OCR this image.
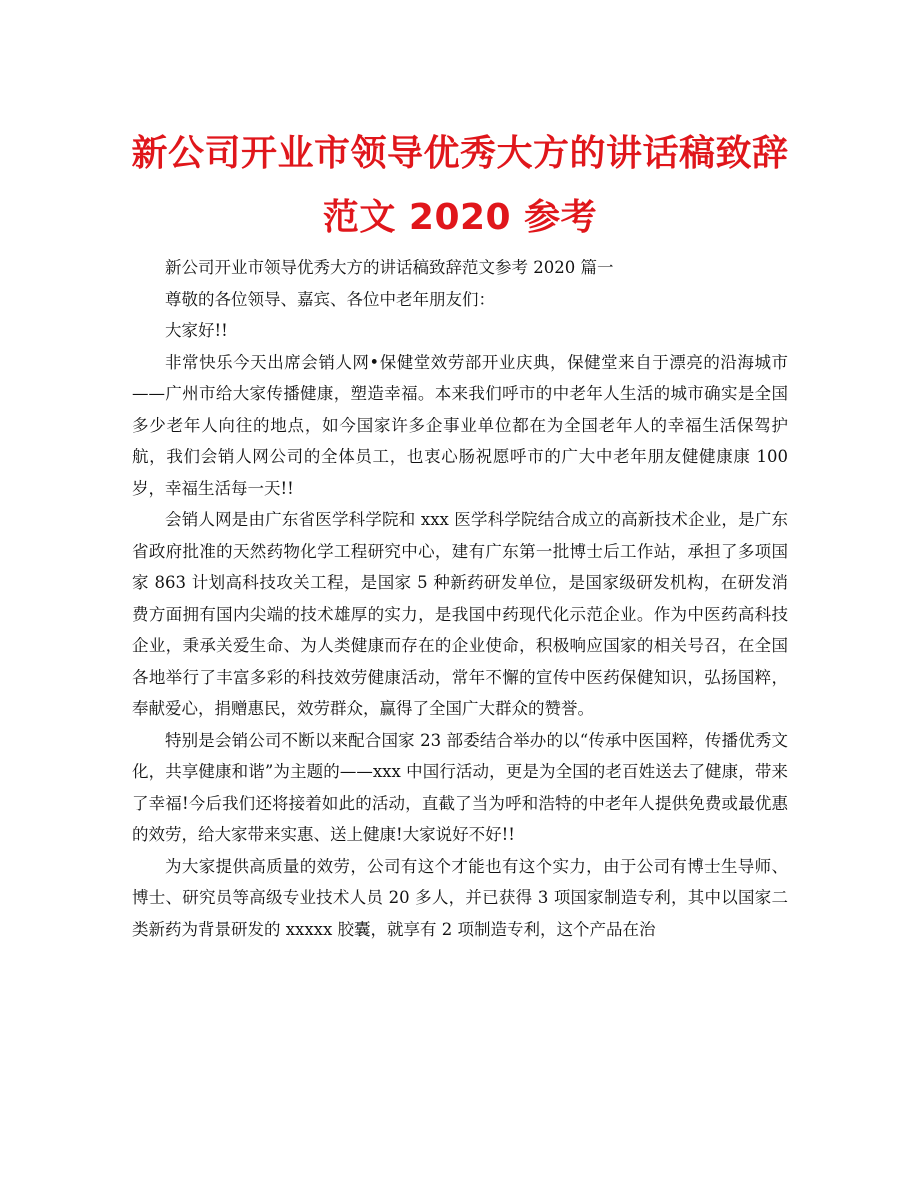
新公司开业市领导优秀大方的讲话稿致辞
范文 2020 参考

新公司开业市领导优秀大方的讲话稿致辞范文参考 2020 篇一

尊敬的各位领导、嘉宾、各位中老年朋友们：

大家好!!

非常快乐今天出席会销人网•保健堂效劳部开业庆典，保健堂来自于漂亮的沿海城市——广州市给大家传播健康，塑造幸福。本来我们呼市的中老年人生活的城市确实是全国多少老年人向往的地点，如今国家许多企事业单位都在为全国老年人的幸福生活保驾护航，我们会销人网公司的全体员工，也衷心肠祝愿呼市的广大中老年朋友健健康康 100 岁，幸福生活每一天!!

会销人网是由广东省医学科学院和 xxx 医学科学院结合成立的高新技术企业，是广东省政府批准的天然药物化学工程研究中心，建有广东第一批博士后工作站，承担了多项国家 863 计划高科技攻关工程，是国家 5 种新药研发单位，是国家级研发机构，在研发消费方面拥有国内尖端的技术雄厚的实力，是我国中药现代化示范企业。作为中医药高科技企业，秉承关爱生命、为人类健康而存在的企业使命，积极响应国家的相关号召，在全国各地举行了丰富多彩的科技效劳健康活动，常年不懈的宣传中医药保健知识，弘扬国粹，奉献爱心，捐赠惠民，效劳群众，赢得了全国广大群众的赞誉。

特别是会销公司不断以来配合国家 23 部委结合举办的以“传承中医国粹，传播优秀文化，共享健康和谐”为主题的——xxx 中国行活动，更是为全国的老百姓送去了健康，带来了幸福!今后我们还将接着如此的活动，直截了当为呼和浩特的中老年人提供免费或最优惠的效劳，给大家带来实惠、送上健康!大家说好不好!!

为大家提供高质量的效劳，公司有这个才能也有这个实力，由于公司有博士生导师、博士、研究员等高级专业技术人员 20 多人，并已获得 3 项国家制造专利，其中以国家二类新药为背景研发的 xxxxx 胶囊，就享有 2 项制造专利，这个产品在治
